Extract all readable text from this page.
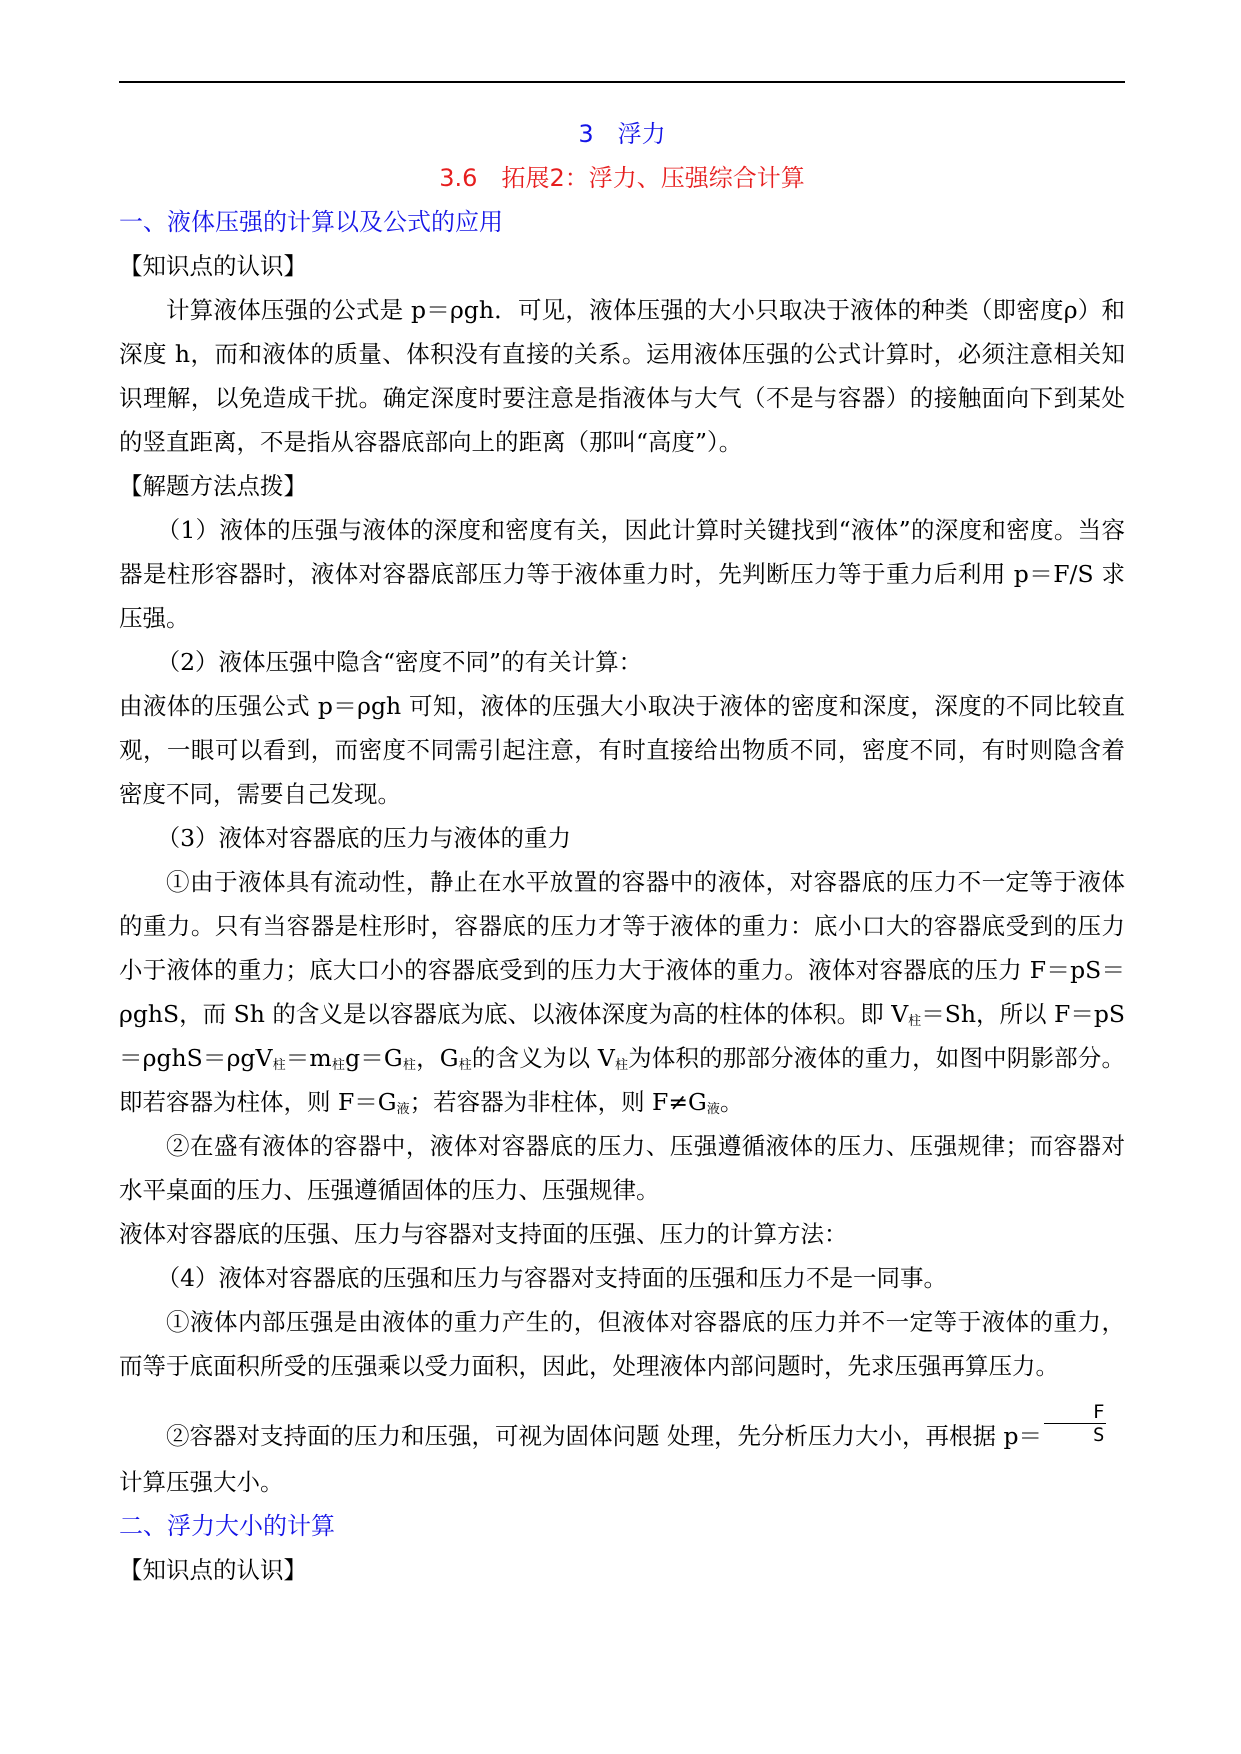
3　浮力

3.6　拓展2：浮力、压强综合计算

一、液体压强的计算以及公式的应用

【知识点的认识】

计算液体压强的公式是 p＝ρgh．可见，液体压强的大小只取决于液体的种类（即密度ρ）和深度 h，而和液体的质量、体积没有直接的关系。运用液体压强的公式计算时，必须注意相关知识理解，以免造成干扰。确定深度时要注意是指液体与大气（不是与容器）的接触面向下到某处的竖直距离，不是指从容器底部向上的距离（那叫“高度”）。

【解题方法点拨】

（1）液体的压强与液体的深度和密度有关，因此计算时关键找到“液体”的深度和密度。当容器是柱形容器时，液体对容器底部压力等于液体重力时，先判断压力等于重力后利用 p＝F/S 求压强。

（2）液体压强中隐含“密度不同”的有关计算：

由液体的压强公式 p＝ρgh 可知，液体的压强大小取决于液体的密度和深度，深度的不同比较直观，一眼可以看到，而密度不同需引起注意，有时直接给出物质不同，密度不同，有时则隐含着密度不同，需要自己发现。

（3）液体对容器底的压力与液体的重力

①由于液体具有流动性，静止在水平放置的容器中的液体，对容器底的压力不一定等于液体的重力。只有当容器是柱形时，容器底的压力才等于液体的重力：底小口大的容器底受到的压力小于液体的重力；底大口小的容器底受到的压力大于液体的重力。液体对容器底的压力 F＝pS＝ρghS，而 Sh 的含义是以容器底为底、以液体深度为高的柱体的体积。即 $V_柱=Sh$，所以 $F=pS=\rho ghS=\rho gV_柱=m_柱g=G_柱$，$G_柱$的含义为以 $V_柱$为体积的那部分液体的重力，如图中阴影部分。即若容器为柱体，则 $F=G_液$；若容器为非柱体，则 $F\ne G_液$。

②在盛有液体的容器中，液体对容器底的压力、压强遵循液体的压力、压强规律；而容器对水平桌面的压力、压强遵循固体的压力、压强规律。

液体对容器底的压强、压力与容器对支持面的压强、压力的计算方法：

（4）液体对容器底的压强和压力与容器对支持面的压强和压力不是一同事。

①液体内部压强是由液体的重力产生的，但液体对容器底的压力并不一定等于液体的重力，而等于底面积所受的压强乘以受力面积，因此，处理液体内部问题时，先求压强再算压力。

②容器对支持面的压力和压强，可视为固体问题 处理，先分析压力大小，再根据 $p= \frac{F}{S}$

计算压强大小。

二、浮力大小的计算

【知识点的认识】
